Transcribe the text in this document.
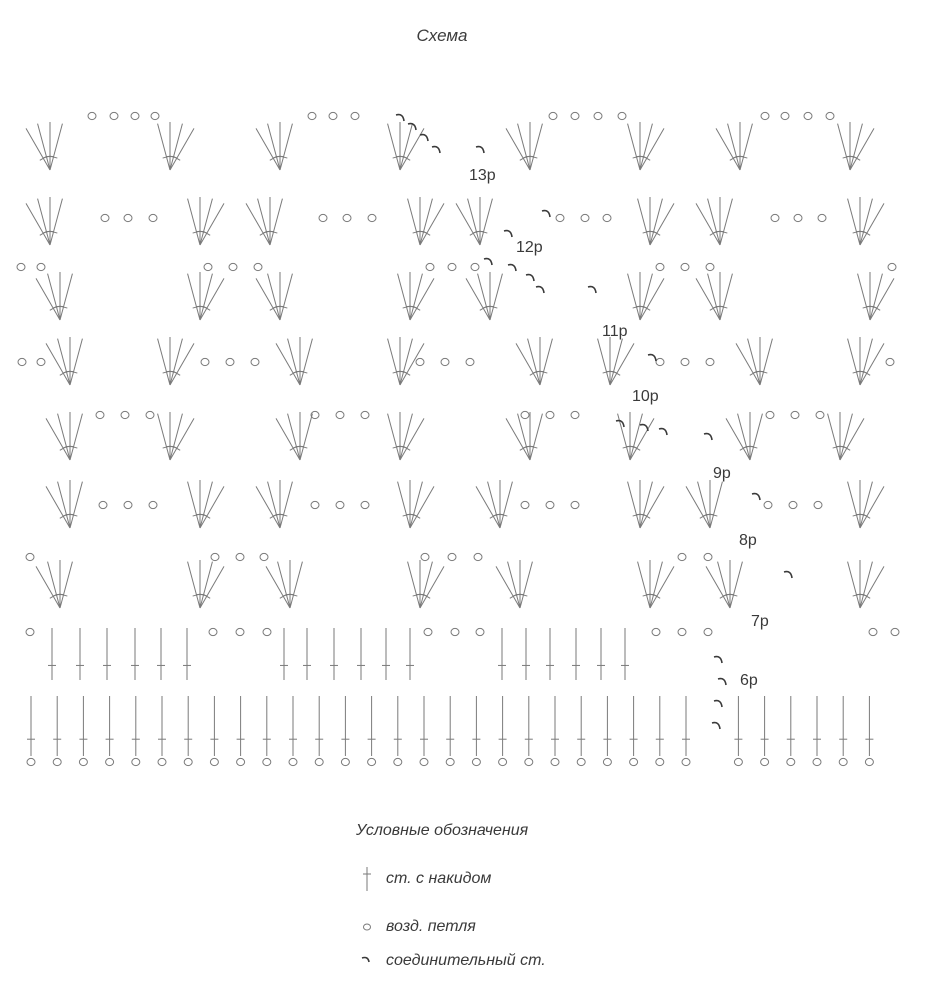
Схема
13р
12р
11р
10р
9р
8р
7р
6р
Условные обозначения
ст. с накидом
возд. петля
соединительный ст.
